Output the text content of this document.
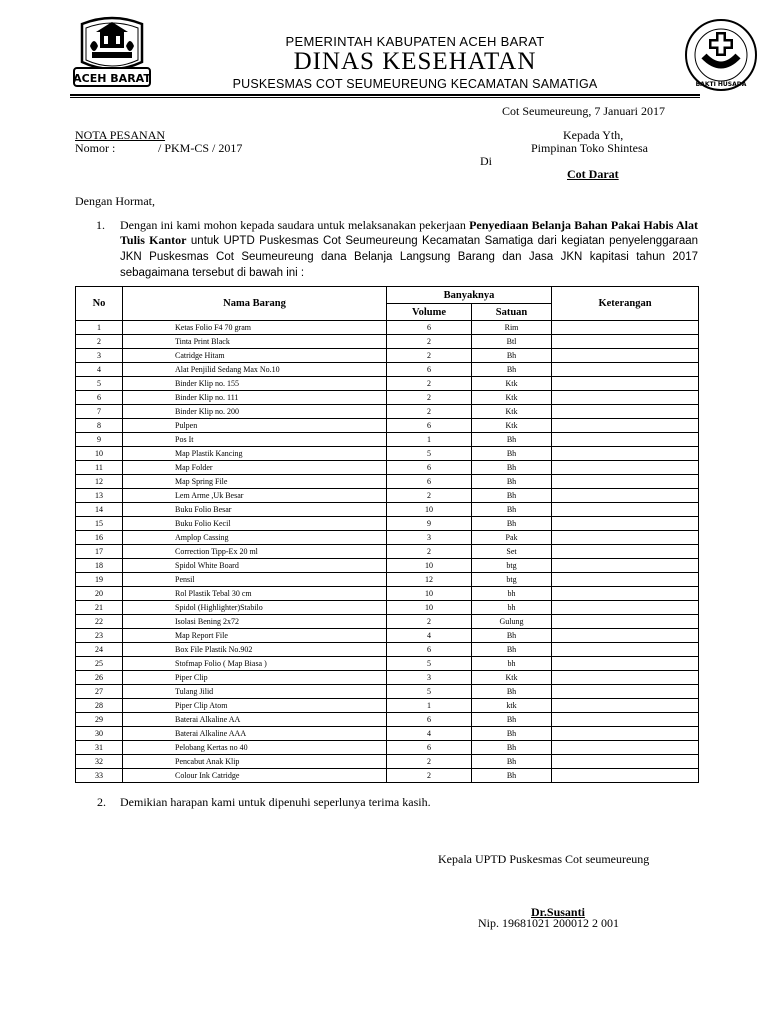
ACEH BARAT	BAKTI HUSADA
PEMERINTAH KABUPATEN ACEH BARAT
DINAS KESEHATAN
PUSKESMAS COT SEUMEUREUNG KECAMATAN SAMATIGA
Cot Seumeureung, 7 Januari 2017
NOTA PESANAN
Nomor :	/ PKM-CS / 2017
Kepada Yth,
Pimpinan Toko Shintesa
Di
Cot Darat
Dengan Hormat,
1. Dengan ini kami mohon kepada saudara untuk melaksanakan pekerjaan Penyediaan Belanja Bahan Pakai Habis Alat Tulis Kantor untuk UPTD Puskesmas Cot Seumeureung Kecamatan Samatiga dari kegiatan penyelenggaraan JKN Puskesmas Cot Seumeureung dana Belanja Langsung Barang dan Jasa JKN kapitasi tahun 2017 sebagaimana tersebut di bawah ini :
No	Nama Barang	Banyaknya		Keterangan
		Volume	Satuan	
1	Ketas Folio F4 70 gram	6	Rim	
2	Tinta Print Black	2	Btl	
3	Catridge Hitam	2	Bh	
4	Alat Penjilid Sedang Max No.10	6	Bh	
5	Binder Klip no. 155	2	Ktk	
6	Binder Klip no. 111	2	Ktk	
7	Binder Klip no. 200	2	Ktk	
8	Pulpen	6	Ktk	
9	Pos It	1	Bh	
10	Map Plastik Kancing	5	Bh	
11	Map Folder	6	Bh	
12	Map Spring File	6	Bh	
13	Lem Arme ,Uk Besar	2	Bh	
14	Buku Folio Besar	10	Bh	
15	Buku Folio Kecil	9	Bh	
16	Amplop Cassing	3	Pak	
17	Correction Tipp-Ex 20 ml	2	Set	
18	Spidol White Board	10	btg	
19	Pensil	12	btg	
20	Rol Plastik Tebal 30 cm	10	bh	
21	Spidol (Highlighter)Stabilo	10	bh	
22	Isolasi Bening 2x72	2	Gulung	
23	Map Report File	4	Bh	
24	Box File Plastik No.902	6	Bh	
25	Stofmap Folio ( Map Biasa )	5	bh	
26	Piper Clip	3	Ktk	
27	Tulang Jilid	5	Bh	
28	Piper Clip Atom	1	ktk	
29	Baterai Alkaline AA	6	Bh	
30	Baterai Alkaline AAA	4	Bh	
31	Pelobang Kertas no 40	6	Bh	
32	Pencabut Anak Klip	2	Bh	
33	Colour Ink Catridge	2	Bh	
2. Demikian harapan kami untuk dipenuhi seperlunya terima kasih.
Kepala UPTD Puskesmas Cot seumeureung
Dr.Susanti
Nip. 19681021 200012 2 001
